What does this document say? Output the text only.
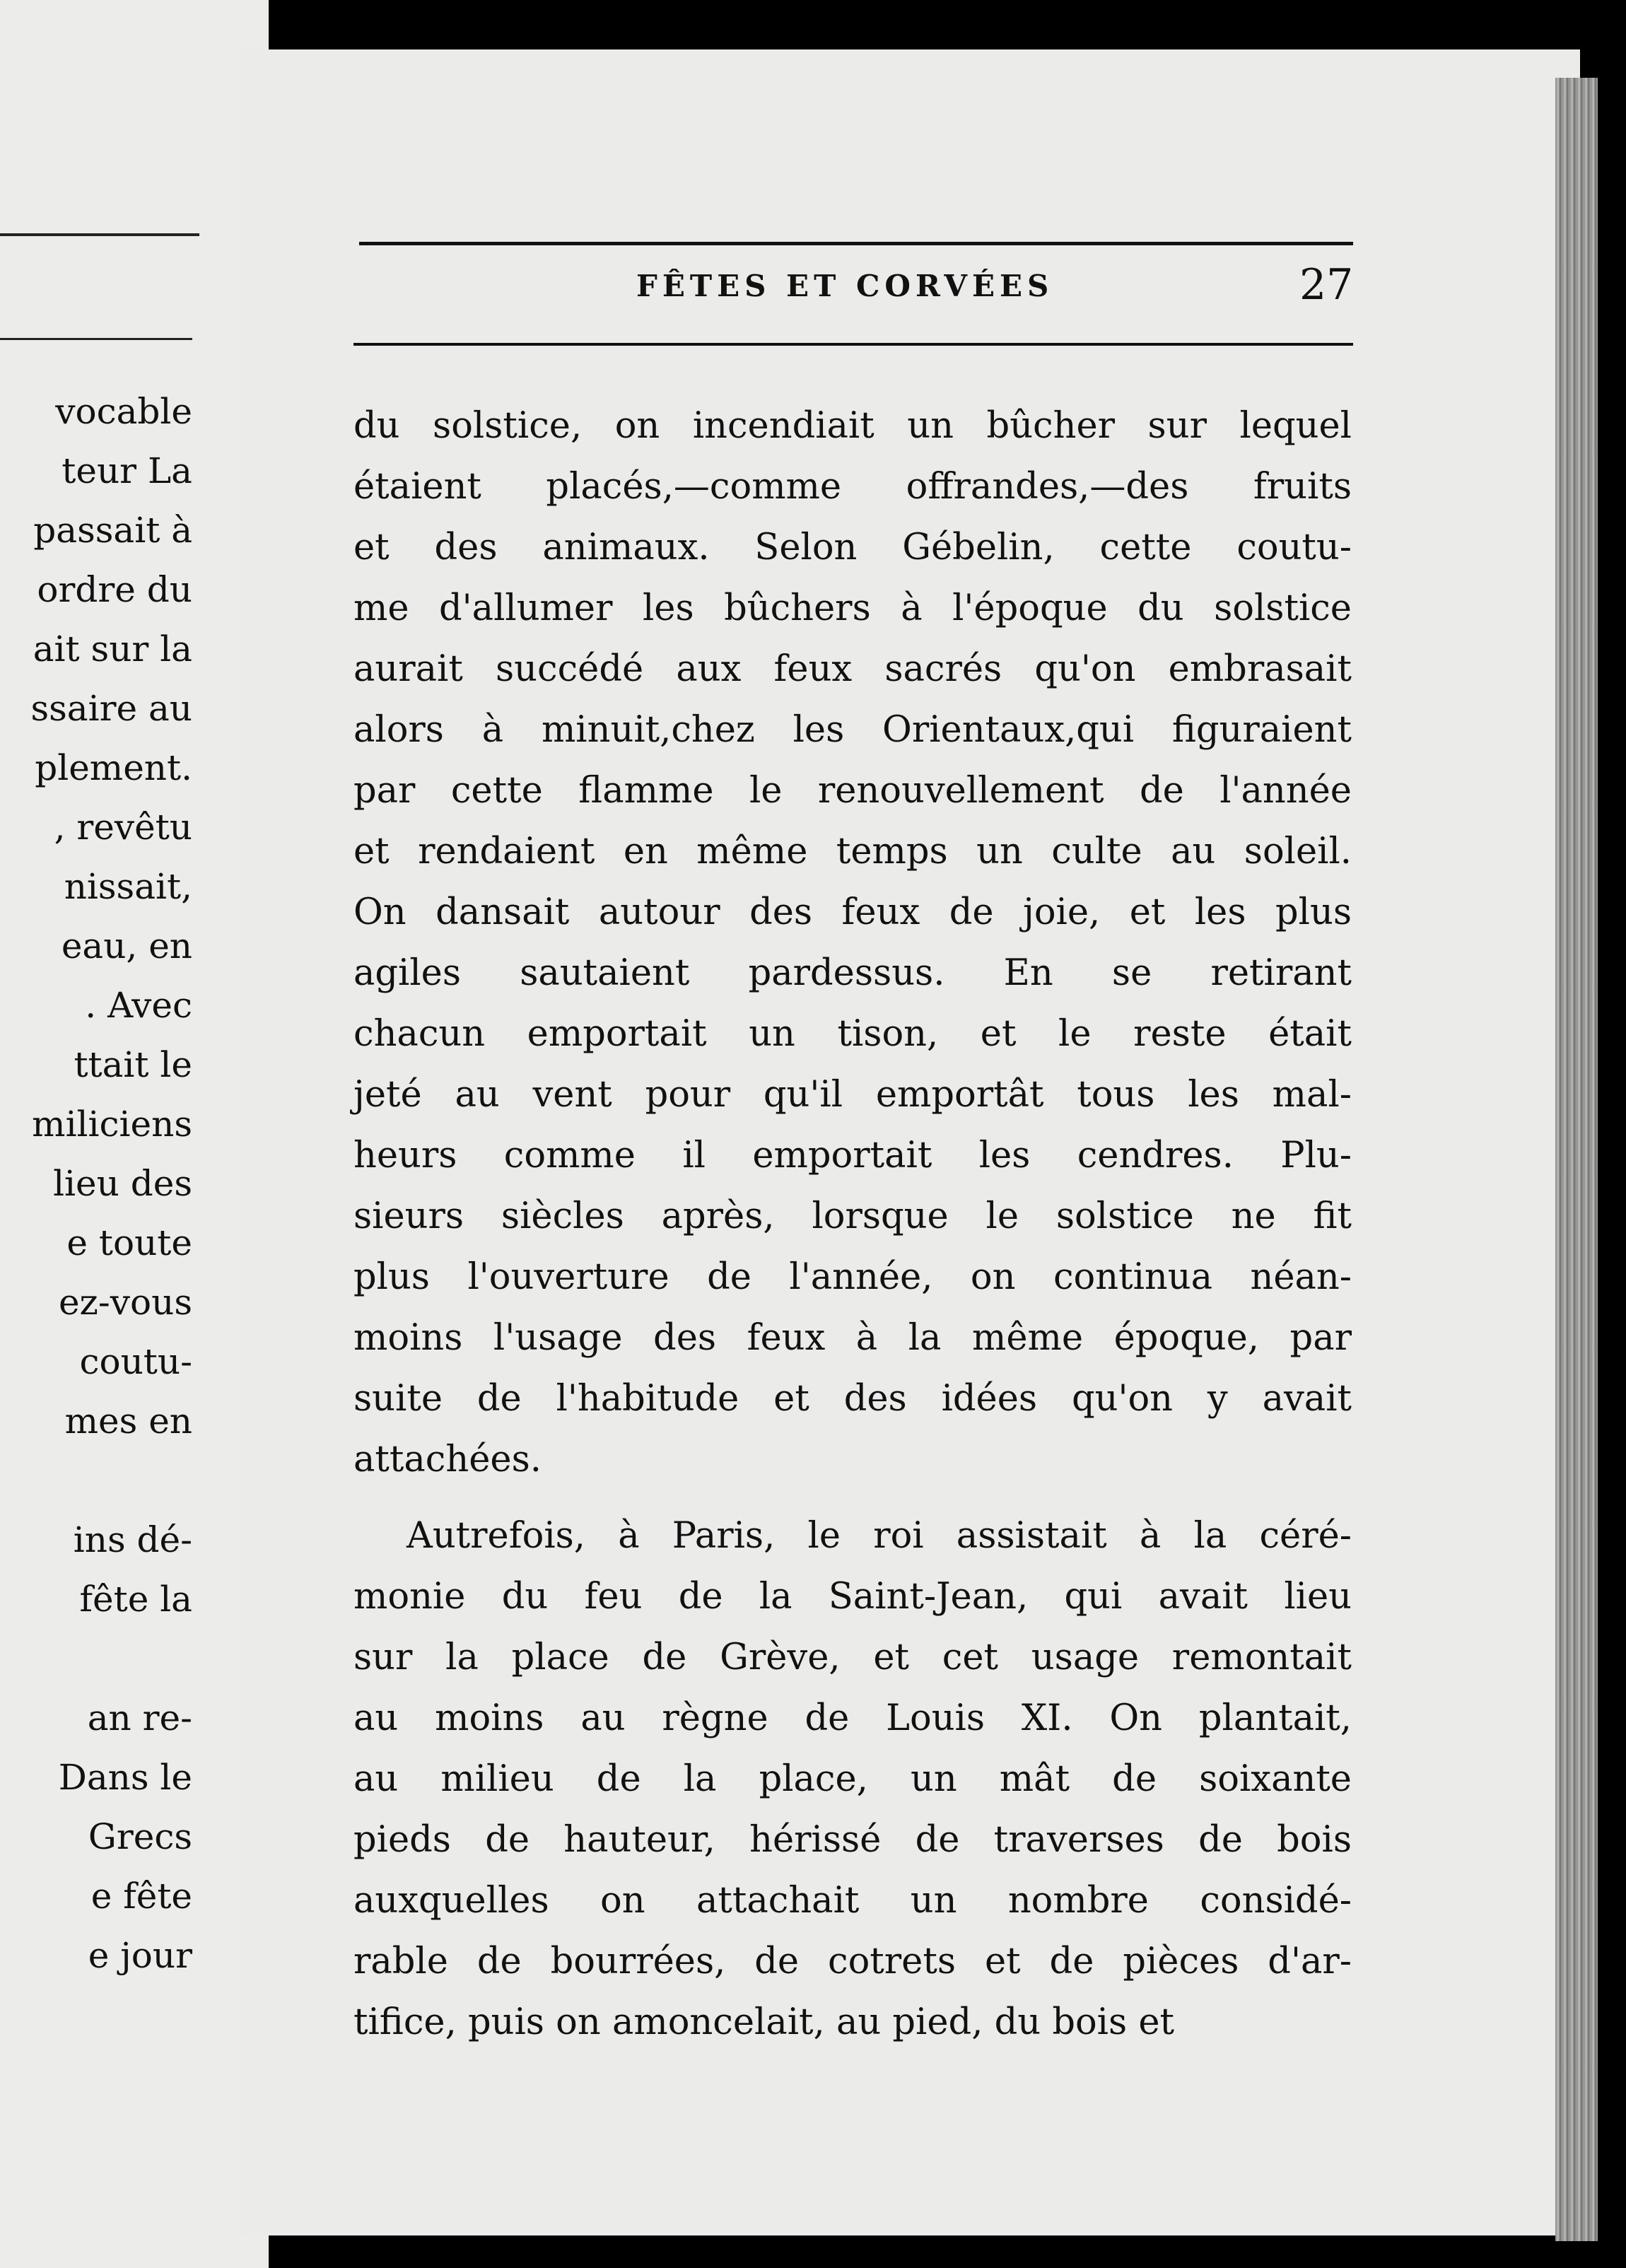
vocable
teur La
passait à
ordre du
ait sur la
ssaire au
plement.
, revêtu
nissait,
eau, en
. Avec
ttait le
miliciens
lieu des
e toute
ez-vous
coutu-
mes en
ins dé-
fête la
an re-
Dans le
Grecs
e fête
e jour
FÊTES ET CORVÉES	27
du solstice, on incendiait un bûcher sur lequel
étaient placés,—comme offrandes,—des fruits
et des animaux. Selon Gébelin, cette coutu-
me d'allumer les bûchers à l'époque du solstice
aurait succédé aux feux sacrés qu'on embrasait
alors à minuit,chez les Orientaux,qui figuraient
par cette flamme le renouvellement de l'année
et rendaient en même temps un culte au soleil.
On dansait autour des feux de joie, et les plus
agiles sautaient pardessus. En se retirant
chacun emportait un tison, et le reste était
jeté au vent pour qu'il emportât tous les mal-
heurs comme il emportait les cendres. Plu-
sieurs siècles après, lorsque le solstice ne fit
plus l'ouverture de l'année, on continua néan-
moins l'usage des feux à la même époque, par
suite de l'habitude et des idées qu'on y avait
attachées.
Autrefois, à Paris, le roi assistait à la céré-
monie du feu de la Saint-Jean, qui avait lieu
sur la place de Grève, et cet usage remontait
au moins au règne de Louis XI. On plantait,
au milieu de la place, un mât de soixante
pieds de hauteur, hérissé de traverses de bois
auxquelles on attachait un nombre considé-
rable de bourrées, de cotrets et de pièces d'ar-
tifice, puis on amoncelait, au pied, du bois et
